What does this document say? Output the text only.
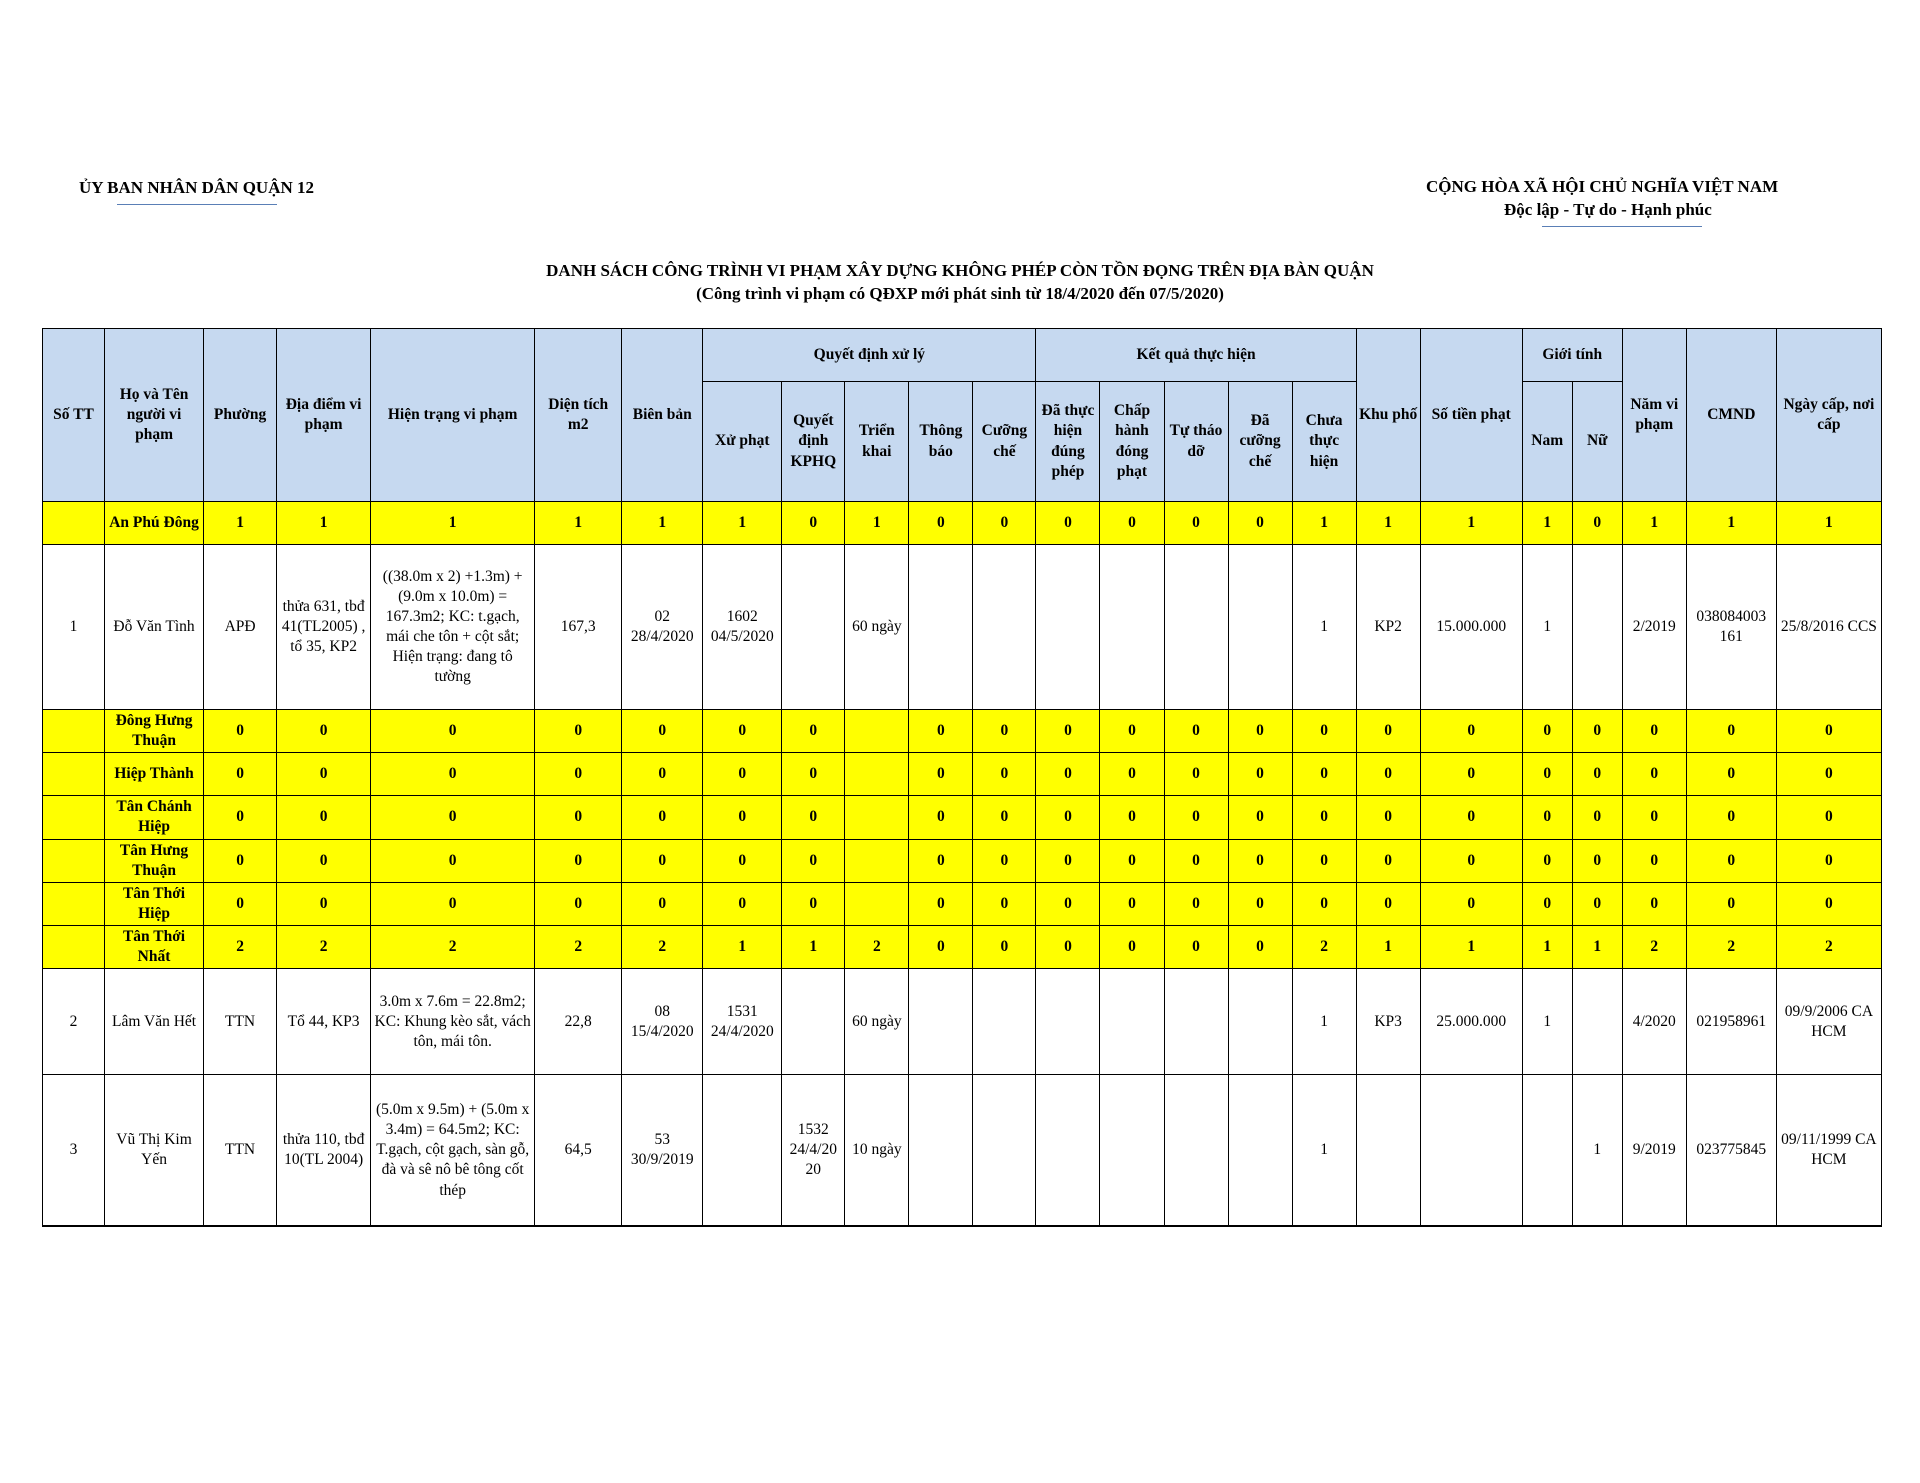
ỦY BAN NHÂN DÂN QUẬN 12	CỘNG HÒA XÃ HỘI CHỦ NGHĨA VIỆT NAM
Độc lập - Tự do - Hạnh phúc
DANH SÁCH CÔNG TRÌNH VI PHẠM XÂY DỰNG KHÔNG PHÉP CÒN TỒN ĐỌNG TRÊN ĐỊA BÀN QUẬN
(Công trình vi phạm có QĐXP mới phát sinh từ 18/4/2020 đến 07/5/2020)
Số TT	Họ và Tên người vi phạm	Phường	Địa điểm vi phạm	Hiện trạng vi phạm	Diện tích m2	Biên bản	Quyết định xử lý					Kết quả thực hiện					Khu phố	Số tiền phạt	Giới tính		Năm vi phạm	CMND	Ngày cấp, nơi cấp
							Xử phạt	Quyết định KPHQ	Triển khai	Thông báo	Cưỡng chế	Đã thực hiện đúng phép	Chấp hành đóng phạt	Tự tháo dỡ	Đã cưỡng chế	Chưa thực hiện			Nam	Nữ			
	An Phú Đông	1	1	1	1	1	1	0	1	0	0	0	0	0	0	1	1	1	1	0	1	1	1
1	Đỗ Văn Tình	APĐ	thửa 631, tbđ 41(TL2005) , tổ 35, KP2	((38.0m x 2) +1.3m) + (9.0m x 10.0m) = 167.3m2; KC: t.gạch, mái che tôn + cột sắt; Hiện trạng: đang tô tường	167,3	02 28/4/2020	1602 04/5/2020		60 ngày							1	KP2	15.000.000	1		2/2019	038084003 161	25/8/2016 CCS
	Đông Hưng Thuận	0	0	0	0	0	0	0		0	0	0	0	0	0	0	0	0	0	0	0	0	0
	Hiệp Thành	0	0	0	0	0	0	0		0	0	0	0	0	0	0	0	0	0	0	0	0	0
	Tân Chánh Hiệp	0	0	0	0	0	0	0		0	0	0	0	0	0	0	0	0	0	0	0	0	0
	Tân Hưng Thuận	0	0	0	0	0	0	0		0	0	0	0	0	0	0	0	0	0	0	0	0	0
	Tân Thới Hiệp	0	0	0	0	0	0	0		0	0	0	0	0	0	0	0	0	0	0	0	0	0
	Tân Thới Nhất	2	2	2	2	2	1	1	2	0	0	0	0	0	0	2	1	1	1	1	2	2	2
2	Lâm Văn Hết	TTN	Tổ 44, KP3	3.0m x 7.6m = 22.8m2; KC: Khung kèo sắt, vách tôn, mái tôn.	22,8	08 15/4/2020	1531 24/4/2020		60 ngày							1	KP3	25.000.000	1		4/2020	021958961	09/9/2006 CA HCM
3	Vũ Thị Kim Yến	TTN	thửa 110, tbđ 10(TL 2004)	(5.0m x 9.5m) + (5.0m x 3.4m) = 64.5m2; KC: T.gạch, cột gạch, sàn gỗ, đà và sê nô bê tông cốt thép	64,5	53 30/9/2019		1532 24/4/20 20	10 ngày							1				1	9/2019	023775845	09/11/1999 CA HCM
